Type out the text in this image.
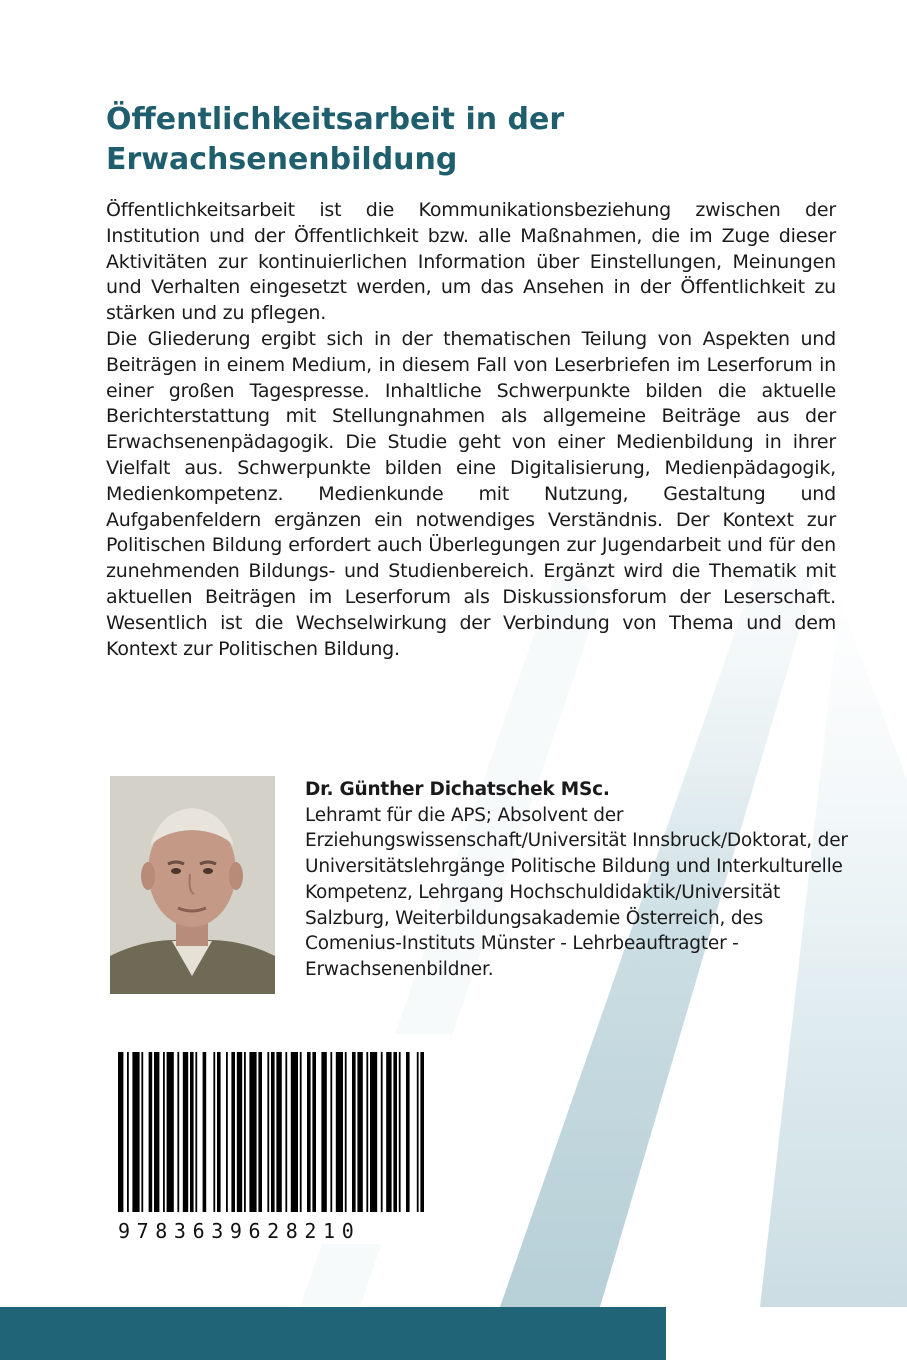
Öffentlichkeitsarbeit in der
Erwachsenenbildung

Öffentlichkeitsarbeit ist die Kommunikationsbeziehung zwischen der Institution und der Öffentlichkeit bzw. alle Maßnahmen, die im Zuge dieser Aktivitäten zur kontinuierlichen Information über Einstellungen, Meinungen und Verhalten eingesetzt werden, um das Ansehen in der Öffentlichkeit zu stärken und zu pflegen.

Die Gliederung ergibt sich in der thematischen Teilung von Aspekten und Beiträgen in einem Medium, in diesem Fall von Leserbriefen im Leserforum in einer großen Tagespresse. Inhaltliche Schwerpunkte bilden die aktuelle Berichterstattung mit Stellungnahmen als allgemeine Beiträge aus der Erwachsenenpädagogik. Die Studie geht von einer Medienbildung in ihrer Vielfalt aus. Schwerpunkte bilden eine Digitalisierung, Medienpädagogik, Medienkompetenz. Medienkunde mit Nutzung, Gestaltung und Aufgabenfeldern ergänzen ein notwendiges Verständnis. Der Kontext zur Politischen Bildung erfordert auch Überlegungen zur Jugendarbeit und für den zunehmenden Bildungs- und Studienbereich. Ergänzt wird die Thematik mit aktuellen Beiträgen im Leserforum als Diskussionsforum der Leserschaft. Wesentlich ist die Wechselwirkung der Verbindung von Thema und dem Kontext zur Politischen Bildung.

Dr. Günther Dichatschek MSc.
Lehramt für die APS; Absolvent der Erziehungswissenschaft/Universität Innsbruck/Doktorat, der Universitätslehrgänge Politische Bildung und Interkulturelle Kompetenz, Lehrgang Hochschuldidaktik/Universität Salzburg, Weiterbildungsakademie Österreich, des Comenius-Instituts Münster - Lehrbeauftragter - Erwachsenenbildner.
9783639628210
